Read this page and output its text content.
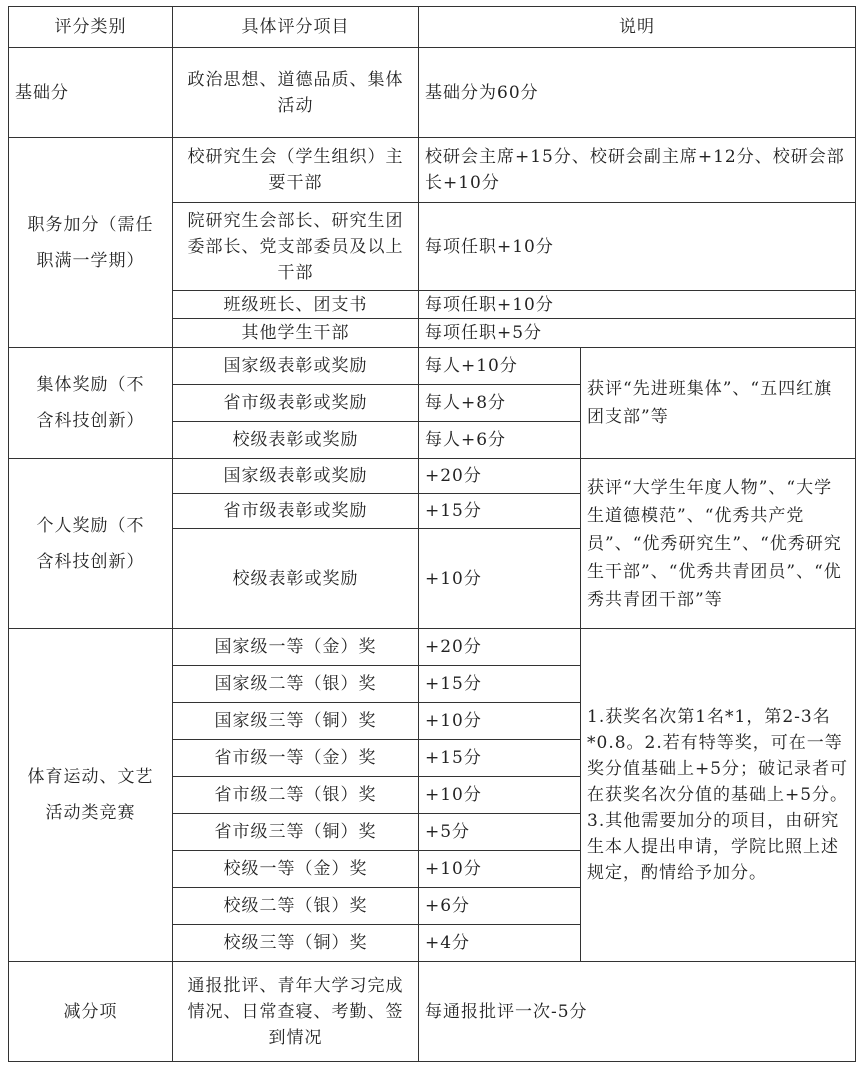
评分类别	具体评分项目	说明	
基础分	政治思想、道德品质、集体活动	基础分为60分	
职务加分（需任职满一学期）	校研究生会（学生组织）主要干部	校研会主席+15分、校研会副主席+12分、校研会部长+10分	
	院研究生会部长、研究生团委部长、党支部委员及以上干部	每项任职+10分	
	班级班长、团支书	每项任职+10分	
	其他学生干部	每项任职+5分	
集体奖励（不含科技创新）	国家级表彰或奖励	每人+10分	获评“先进班集体”、“五四红旗团支部”等
	省市级表彰或奖励	每人+8分	
	校级表彰或奖励	每人+6分	
个人奖励（不含科技创新）	国家级表彰或奖励	+20分	获评“大学生年度人物”、“大学生道德模范”、“优秀共产党员”、“优秀研究生”、“优秀研究生干部”、“优秀共青团员”、“优秀共青团干部”等
	省市级表彰或奖励	+15分	
	校级表彰或奖励	+10分	
体育运动、文艺活动类竞赛	国家级一等（金）奖	+20分	1.获奖名次第1名*1，第2-3名*0.8。2.若有特等奖，可在一等奖分值基础上+5分；破记录者可在获奖名次分值的基础上+5分。3.其他需要加分的项目，由研究生本人提出申请，学院比照上述规定，酌情给予加分。
	国家级二等（银）奖	+15分	
	国家级三等（铜）奖	+10分	
	省市级一等（金）奖	+15分	
	省市级二等（银）奖	+10分	
	省市级三等（铜）奖	+5分	
	校级一等（金）奖	+10分	
	校级二等（银）奖	+6分	
	校级三等（铜）奖	+4分	
减分项	通报批评、青年大学习完成情况、日常查寝、考勤、签到情况	每通报批评一次-5分	
